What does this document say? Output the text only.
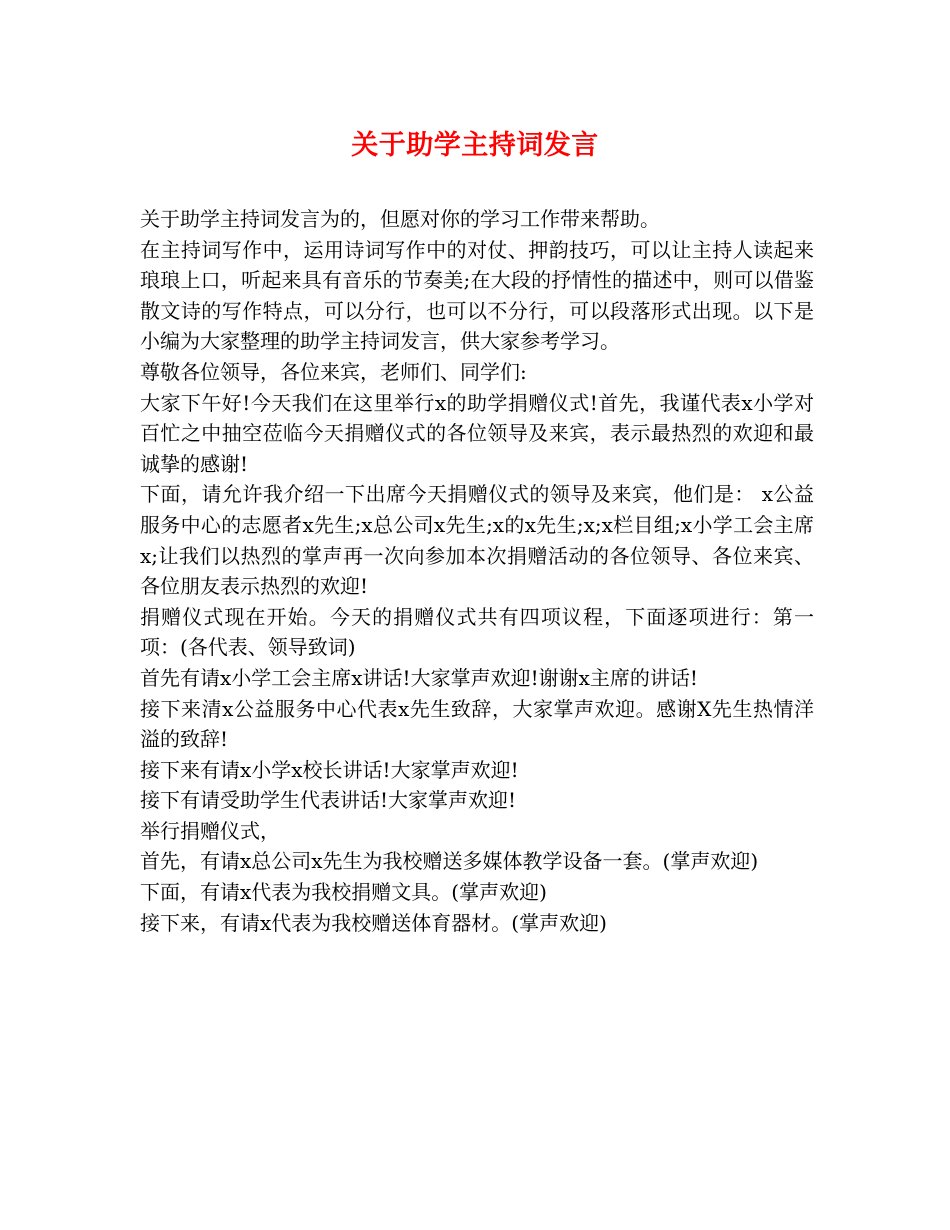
关于助学主持词发言

关于助学主持词发言为的，但愿对你的学习工作带来帮助。

在主持词写作中，运用诗词写作中的对仗、押韵技巧，可以让主持人读起来琅琅上口，听起来具有音乐的节奏美;在大段的抒情性的描述中，则可以借鉴散文诗的写作特点，可以分行，也可以不分行，可以段落形式出现。以下是小编为大家整理的助学主持词发言，供大家参考学习。

尊敬各位领导，各位来宾，老师们、同学们:

大家下午好!今天我们在这里举行x的助学捐赠仪式!首先，我谨代表x小学对百忙之中抽空莅临今天捐赠仪式的各位领导及来宾，表示最热烈的欢迎和最诚挚的感谢!

下面，请允许我介绍一下出席今天捐赠仪式的领导及来宾，他们是： x公益服务中心的志愿者x先生;x总公司x先生;x的x先生;x;x栏目组;x小学工会主席x;让我们以热烈的掌声再一次向参加本次捐赠活动的各位领导、各位来宾、各位朋友表示热烈的欢迎!

捐赠仪式现在开始。今天的捐赠仪式共有四项议程，下面逐项进行：第一项：(各代表、领导致词)

首先有请x小学工会主席x讲话!大家掌声欢迎!谢谢x主席的讲话!

接下来清x公益服务中心代表x先生致辞，大家掌声欢迎。感谢X先生热情洋溢的致辞!

接下来有请x小学x校长讲话!大家掌声欢迎!

接下有请受助学生代表讲话!大家掌声欢迎!

举行捐赠仪式，

首先，有请x总公司x先生为我校赠送多媒体教学设备一套。(掌声欢迎)

下面，有请x代表为我校捐赠文具。(掌声欢迎)

接下来，有请x代表为我校赠送体育器材。(掌声欢迎)
